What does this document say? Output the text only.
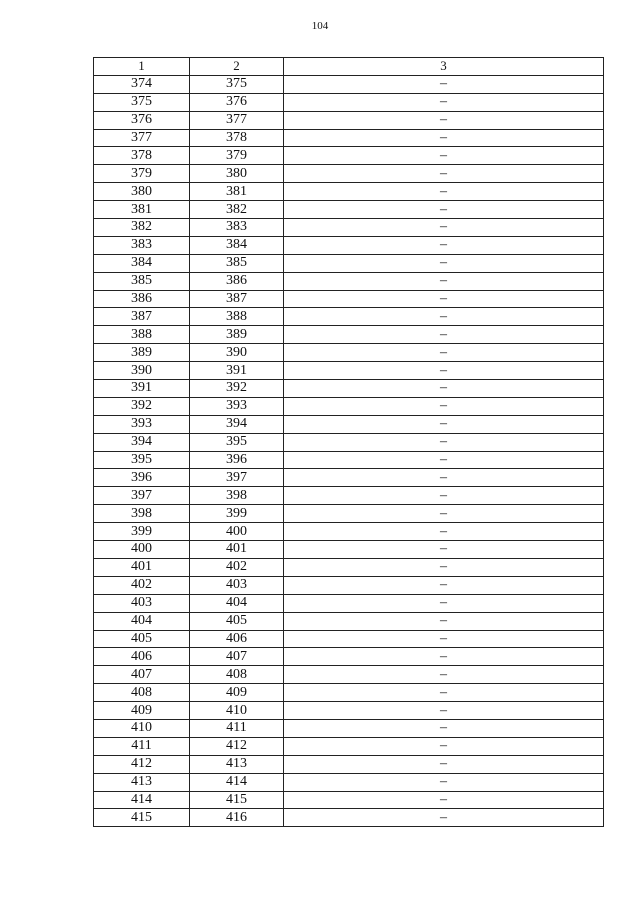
104
1	2	3
374	375	–
375	376	–
376	377	–
377	378	–
378	379	–
379	380	–
380	381	–
381	382	–
382	383	–
383	384	–
384	385	–
385	386	–
386	387	–
387	388	–
388	389	–
389	390	–
390	391	–
391	392	–
392	393	–
393	394	–
394	395	–
395	396	–
396	397	–
397	398	–
398	399	–
399	400	–
400	401	–
401	402	–
402	403	–
403	404	–
404	405	–
405	406	–
406	407	–
407	408	–
408	409	–
409	410	–
410	411	–
411	412	–
412	413	–
413	414	–
414	415	–
415	416	–
